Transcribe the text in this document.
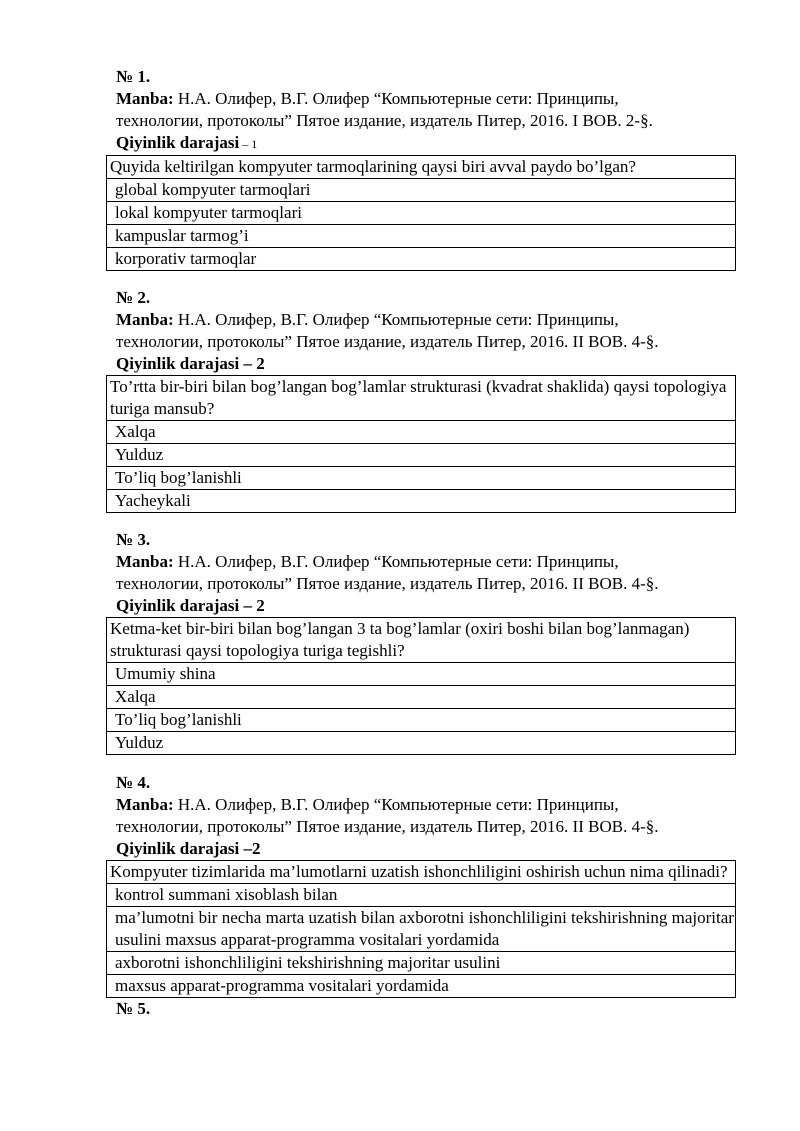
№ 1.
Manba: Н.А. Олифер, В.Г. Олифер “Компьютерные сети: Принципы,
технологии, протоколы” Пятое издание, издатель Питер, 2016. I BOB. 2-§.
Qiyinlik darajasi – 1
Quyida keltirilgan kompyuter tarmoqlarining qaysi biri avval paydo bo’lgan?
global kompyuter tarmoqlari
lokal kompyuter tarmoqlari
kampuslar tarmog’i
korporativ tarmoqlar
№ 2.
Manba: Н.А. Олифер, В.Г. Олифер “Компьютерные сети: Принципы,
технологии, протоколы” Пятое издание, издатель Питер, 2016. II BOB. 4-§.
Qiyinlik darajasi – 2
To’rtta bir-biri bilan bog’langan bog’lamlar strukturasi (kvadrat shaklida) qaysi topologiya turiga mansub?
Xalqa
Yulduz
To’liq bog’lanishli
Yacheykali
№ 3.
Manba: Н.А. Олифер, В.Г. Олифер “Компьютерные сети: Принципы,
технологии, протоколы” Пятое издание, издатель Питер, 2016. II BOB. 4-§.
Qiyinlik darajasi – 2
Ketma-ket bir-biri bilan bog’langan 3 ta bog’lamlar (oxiri boshi bilan bog’lanmagan) strukturasi qaysi topologiya turiga tegishli?
Umumiy shina
Xalqa
To’liq bog’lanishli
Yulduz
№ 4.
Manba: Н.А. Олифер, В.Г. Олифер “Компьютерные сети: Принципы,
технологии, протоколы” Пятое издание, издатель Питер, 2016. II BOB. 4-§.
Qiyinlik darajasi –2
Kompyuter tizimlarida ma’lumotlarni uzatish ishonchliligini oshirish uchun nima qilinadi?
kontrol summani xisoblash bilan
ma’lumotni bir necha marta uzatish bilan axborotni ishonchliligini tekshirishning majoritar usulini maxsus apparat-programma vositalari yordamida
axborotni ishonchliligini tekshirishning majoritar usulini
maxsus apparat-programma vositalari yordamida
№ 5.
